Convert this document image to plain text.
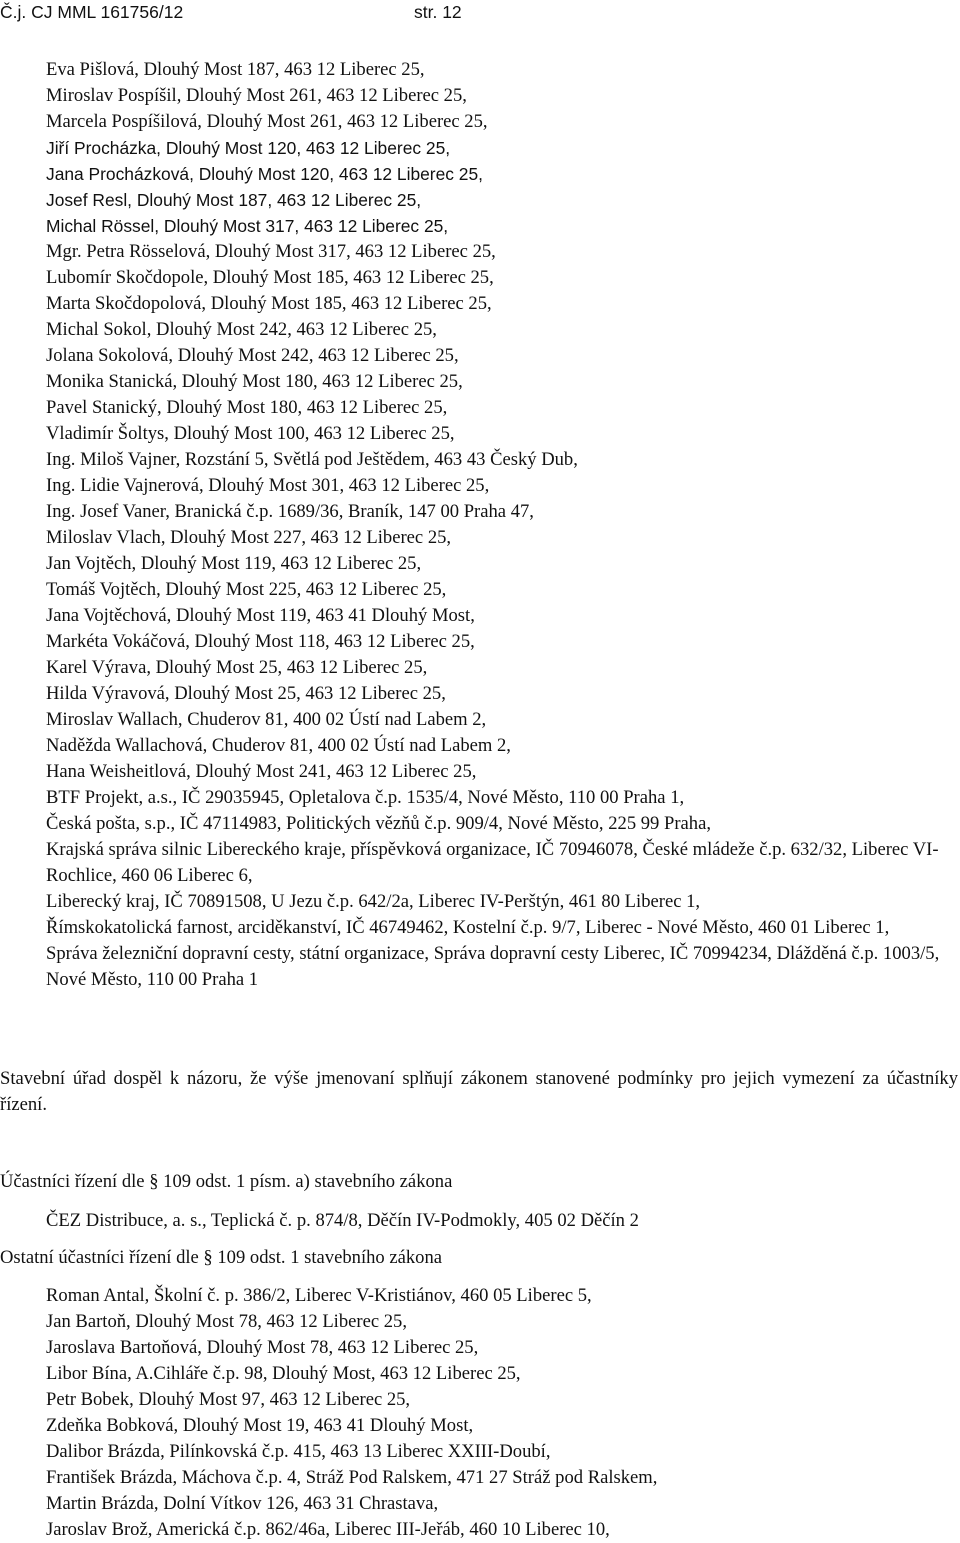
Č.j. CJ MML 161756/12	str. 12
Eva Pišlová, Dlouhý Most 187, 463 12 Liberec 25,
Miroslav Pospíšil, Dlouhý Most 261, 463 12 Liberec 25,
Marcela Pospíšilová, Dlouhý Most 261, 463 12 Liberec 25,
Jiří Procházka, Dlouhý Most 120, 463 12 Liberec 25,
Jana Procházková, Dlouhý Most 120, 463 12 Liberec 25,
Josef Resl, Dlouhý Most 187, 463 12 Liberec 25,
Michal Rössel, Dlouhý Most 317, 463 12 Liberec 25,
Mgr. Petra Rösselová, Dlouhý Most 317, 463 12 Liberec 25,
Lubomír Skočdopole, Dlouhý Most 185, 463 12 Liberec 25,
Marta Skočdopolová, Dlouhý Most 185, 463 12 Liberec 25,
Michal Sokol, Dlouhý Most 242, 463 12 Liberec 25,
Jolana Sokolová, Dlouhý Most 242, 463 12 Liberec 25,
Monika Stanická, Dlouhý Most 180, 463 12 Liberec 25,
Pavel Stanický, Dlouhý Most 180, 463 12 Liberec 25,
Vladimír Šoltys, Dlouhý Most 100, 463 12 Liberec 25,
Ing. Miloš Vajner, Rozstání 5, Světlá pod Ještědem, 463 43 Český Dub,
Ing. Lidie Vajnerová, Dlouhý Most 301, 463 12 Liberec 25,
Ing. Josef Vaner, Branická č.p. 1689/36, Braník, 147 00 Praha 47,
Miloslav Vlach, Dlouhý Most 227, 463 12 Liberec 25,
Jan Vojtěch, Dlouhý Most 119, 463 12 Liberec 25,
Tomáš Vojtěch, Dlouhý Most 225, 463 12 Liberec 25,
Jana Vojtěchová, Dlouhý Most 119, 463 41 Dlouhý Most,
Markéta Vokáčová, Dlouhý Most 118, 463 12 Liberec 25,
Karel Výrava, Dlouhý Most 25, 463 12 Liberec 25,
Hilda Výravová, Dlouhý Most 25, 463 12 Liberec 25,
Miroslav Wallach, Chuderov 81, 400 02 Ústí nad Labem 2,
Naděžda Wallachová, Chuderov 81, 400 02 Ústí nad Labem 2,
Hana Weisheitlová, Dlouhý Most 241, 463 12 Liberec 25,
BTF Projekt, a.s., IČ 29035945, Opletalova č.p. 1535/4, Nové Město, 110 00 Praha 1,
Česká pošta, s.p., IČ 47114983, Politických vězňů č.p. 909/4, Nové Město, 225 99 Praha,
Krajská správa silnic Libereckého kraje, příspěvková organizace, IČ 70946078, České mládeže č.p. 632/32, Liberec VI-Rochlice, 460 06 Liberec 6,
Liberecký kraj, IČ 70891508, U Jezu č.p. 642/2a, Liberec IV-Perštýn, 461 80 Liberec 1,
Římskokatolická farnost, arciděkanství, IČ 46749462, Kostelní č.p. 9/7, Liberec - Nové Město, 460 01 Liberec 1,
Správa železniční dopravní cesty, státní organizace, Správa dopravní cesty Liberec, IČ 70994234, Dlážděná č.p. 1003/5, Nové Město, 110 00 Praha 1
Stavební úřad dospěl k názoru, že výše jmenovaní splňují zákonem stanovené podmínky pro jejich vymezení za účastníky řízení.
Účastníci řízení dle § 109 odst. 1 písm. a) stavebního zákona
ČEZ Distribuce, a. s., Teplická č. p. 874/8, Děčín IV-Podmokly, 405 02 Děčín 2
Ostatní účastníci řízení dle § 109 odst. 1 stavebního zákona
Roman Antal, Školní č. p. 386/2, Liberec V-Kristiánov, 460 05 Liberec 5,
Jan Bartoň, Dlouhý Most 78, 463 12 Liberec 25,
Jaroslava Bartoňová, Dlouhý Most 78, 463 12 Liberec 25,
Libor Bína, A.Cihláře č.p. 98, Dlouhý Most, 463 12 Liberec 25,
Petr Bobek, Dlouhý Most 97, 463 12 Liberec 25,
Zdeňka Bobková, Dlouhý Most 19, 463 41 Dlouhý Most,
Dalibor Brázda, Pilínkovská č.p. 415, 463 13 Liberec XXIII-Doubí,
František Brázda, Máchova č.p. 4, Stráž Pod Ralskem, 471 27 Stráž pod Ralskem,
Martin Brázda, Dolní Vítkov 126, 463 31 Chrastava,
Jaroslav Brož, Americká č.p. 862/46a, Liberec III-Jeřáb, 460 10 Liberec 10,
